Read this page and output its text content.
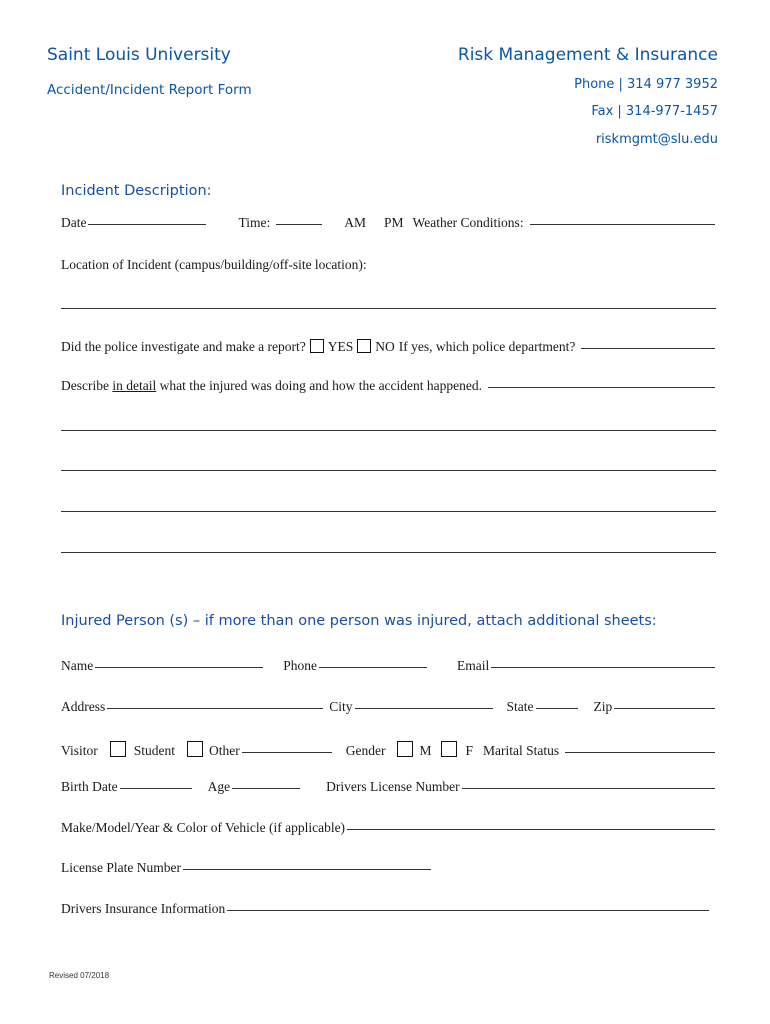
Saint Louis University
Accident/Incident Report Form
Risk Management & Insurance
Phone | 314 977 3952
Fax | 314-977-1457
riskmgmt@slu.edu
Incident Description:
Date	Time:	AM PM Weather Conditions:
Location of Incident (campus/building/off-site location):
Did the police investigate and make a report? YES NO If yes, which police department?
Describe in detail what the injured was doing and how the accident happened.
Injured Person (s) – if more than one person was injured, attach additional sheets:
Name	Phone	Email
Address	City	State	Zip
Visitor	Student	Other	Gender	M	F Marital Status
Birth Date	Age	Drivers License Number
Make/Model/Year & Color of Vehicle (if applicable)
License Plate Number
Drivers Insurance Information
Revised 07/2018
